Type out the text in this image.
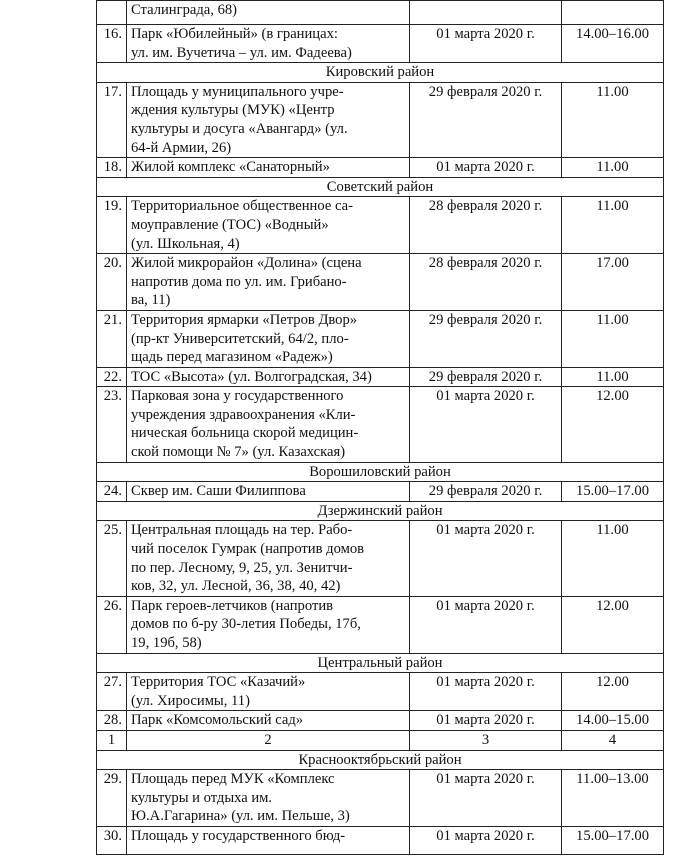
	Сталинграда, 68)		
16.	Парк «Юбилейный» (в границах:
ул. им. Вучетича – ул. им. Фадеева)	01 марта 2020 г.	14.00–16.00
Кировский район			
17.	Площадь у муниципального учре-
ждения культуры (МУК) «Центр
культуры и досуга «Авангард» (ул.
64-й Армии, 26)	29 февраля 2020 г.	11.00
18.	Жилой комплекс «Санаторный»	01 марта 2020 г.	11.00
Советский район			
19.	Территориальное общественное са-
моуправление (ТОС) «Водный»
(ул. Школьная, 4)	28 февраля 2020 г.	11.00
20.	Жилой микрорайон «Долина» (сцена
напротив дома по ул. им. Грибано-
ва, 11)	28 февраля 2020 г.	17.00
21.	Территория ярмарки «Петров Двор»
(пр-кт Университетский, 64/2, пло-
щадь перед магазином «Радеж»)	29 февраля 2020 г.	11.00
22.	ТОС «Высота» (ул. Волгоградская, 34)	29 февраля 2020 г.	11.00
23.	Парковая зона у государственного
учреждения здравоохранения «Кли-
ническая больница скорой медицин-
ской помощи № 7» (ул. Казахская)	01 марта 2020 г.	12.00
Ворошиловский район			
24.	Сквер им. Саши Филиппова	29 февраля 2020 г.	15.00–17.00
Дзержинский район			
25.	Центральная площадь на тер. Рабо-
чий поселок Гумрак (напротив домов
по пер. Лесному, 9, 25, ул. Зенитчи-
ков, 32, ул. Лесной, 36, 38, 40, 42)	01 марта 2020 г.	11.00
26.	Парк героев-летчиков (напротив
домов по б-ру 30-летия Победы, 17б,
19, 19б, 58)	01 марта 2020 г.	12.00
Центральный район			
27.	Территория ТОС «Казачий»
(ул. Хиросимы, 11)	01 марта 2020 г.	12.00
28.	Парк «Комсомольский сад»	01 марта 2020 г.	14.00–15.00
1	2	3	4
Краснооктябрьский район			
29.	Площадь перед МУК «Комплекс
культуры и отдыха им.
Ю.А.Гагарина» (ул. им. Пельше, 3)	01 марта 2020 г.	11.00–13.00
30.	Площадь у государственного бюд-	01 марта 2020 г.	15.00–17.00
